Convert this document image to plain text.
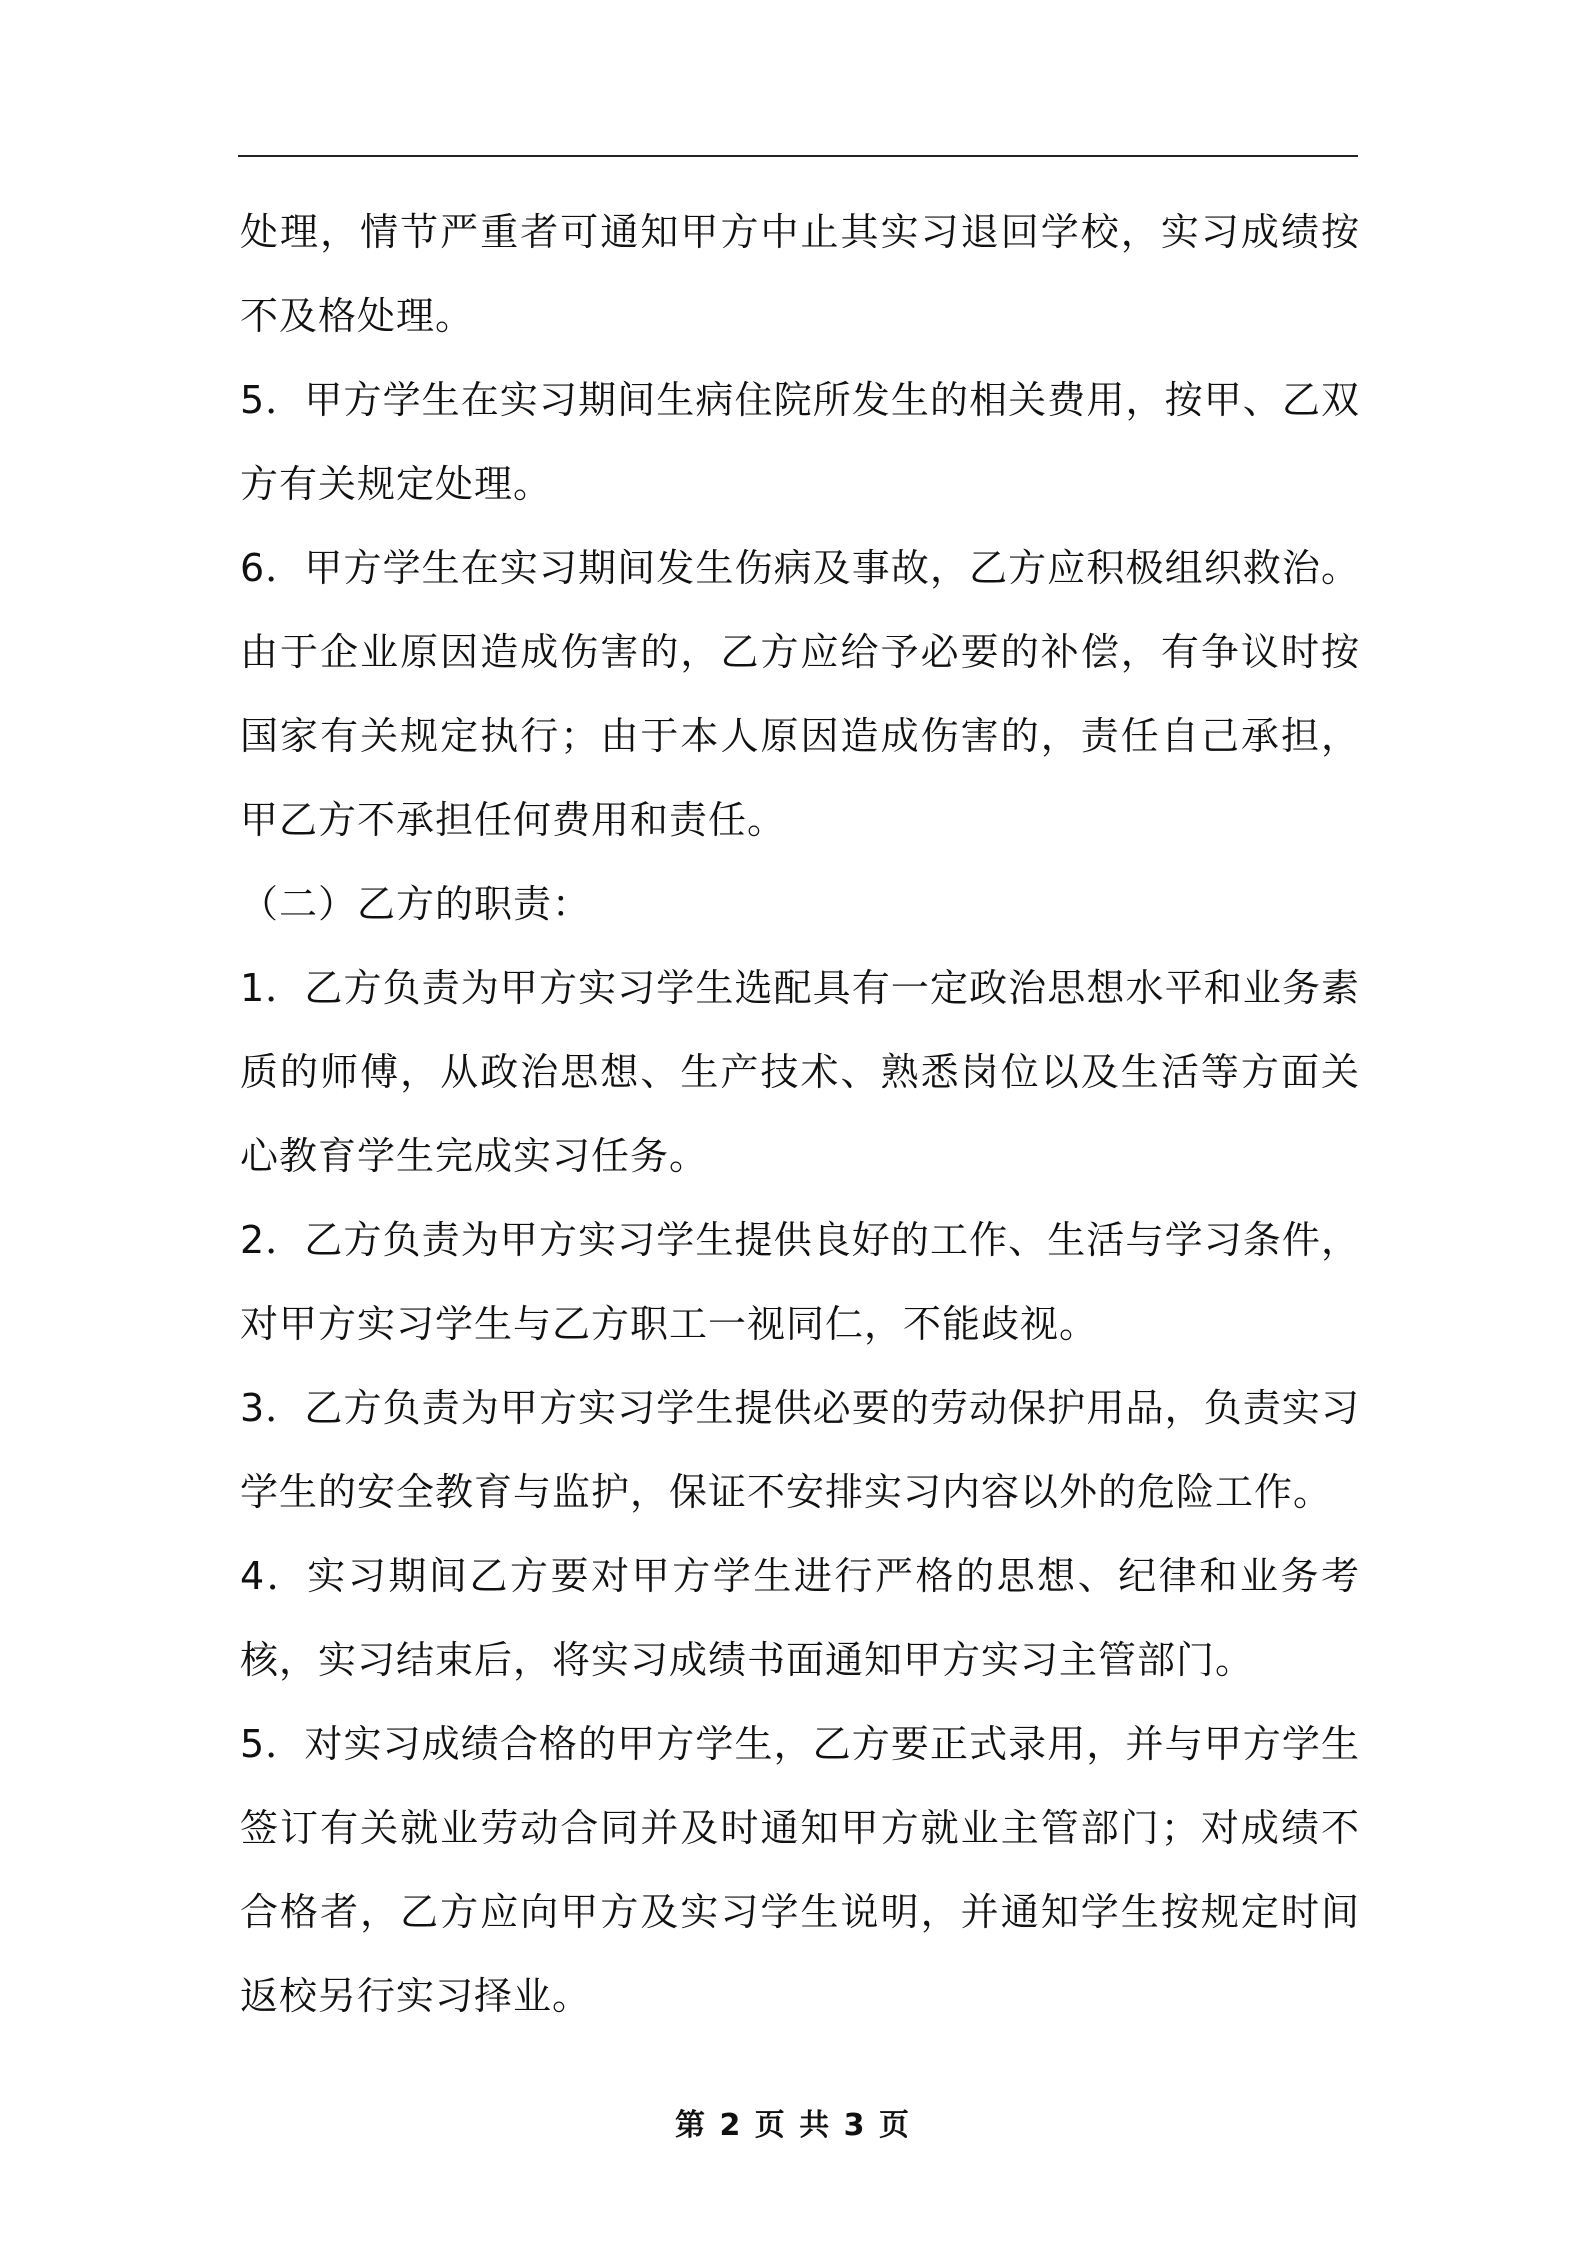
处理，情节严重者可通知甲方中止其实习退回学校，实习成绩按不及格处理。

5．甲方学生在实习期间生病住院所发生的相关费用，按甲、乙双方有关规定处理。

6．甲方学生在实习期间发生伤病及事故，乙方应积极组织救治。由于企业原因造成伤害的，乙方应给予必要的补偿，有争议时按国家有关规定执行；由于本人原因造成伤害的，责任自己承担，甲乙方不承担任何费用和责任。

（二）乙方的职责：

1．乙方负责为甲方实习学生选配具有一定政治思想水平和业务素质的师傅，从政治思想、生产技术、熟悉岗位以及生活等方面关心教育学生完成实习任务。

2．乙方负责为甲方实习学生提供良好的工作、生活与学习条件，对甲方实习学生与乙方职工一视同仁，不能歧视。

3．乙方负责为甲方实习学生提供必要的劳动保护用品，负责实习学生的安全教育与监护，保证不安排实习内容以外的危险工作。

4．实习期间乙方要对甲方学生进行严格的思想、纪律和业务考核，实习结束后，将实习成绩书面通知甲方实习主管部门。

5．对实习成绩合格的甲方学生，乙方要正式录用，并与甲方学生签订有关就业劳动合同并及时通知甲方就业主管部门；对成绩不合格者，乙方应向甲方及实习学生说明，并通知学生按规定时间返校另行实习择业。

第 2 页 共 3 页
